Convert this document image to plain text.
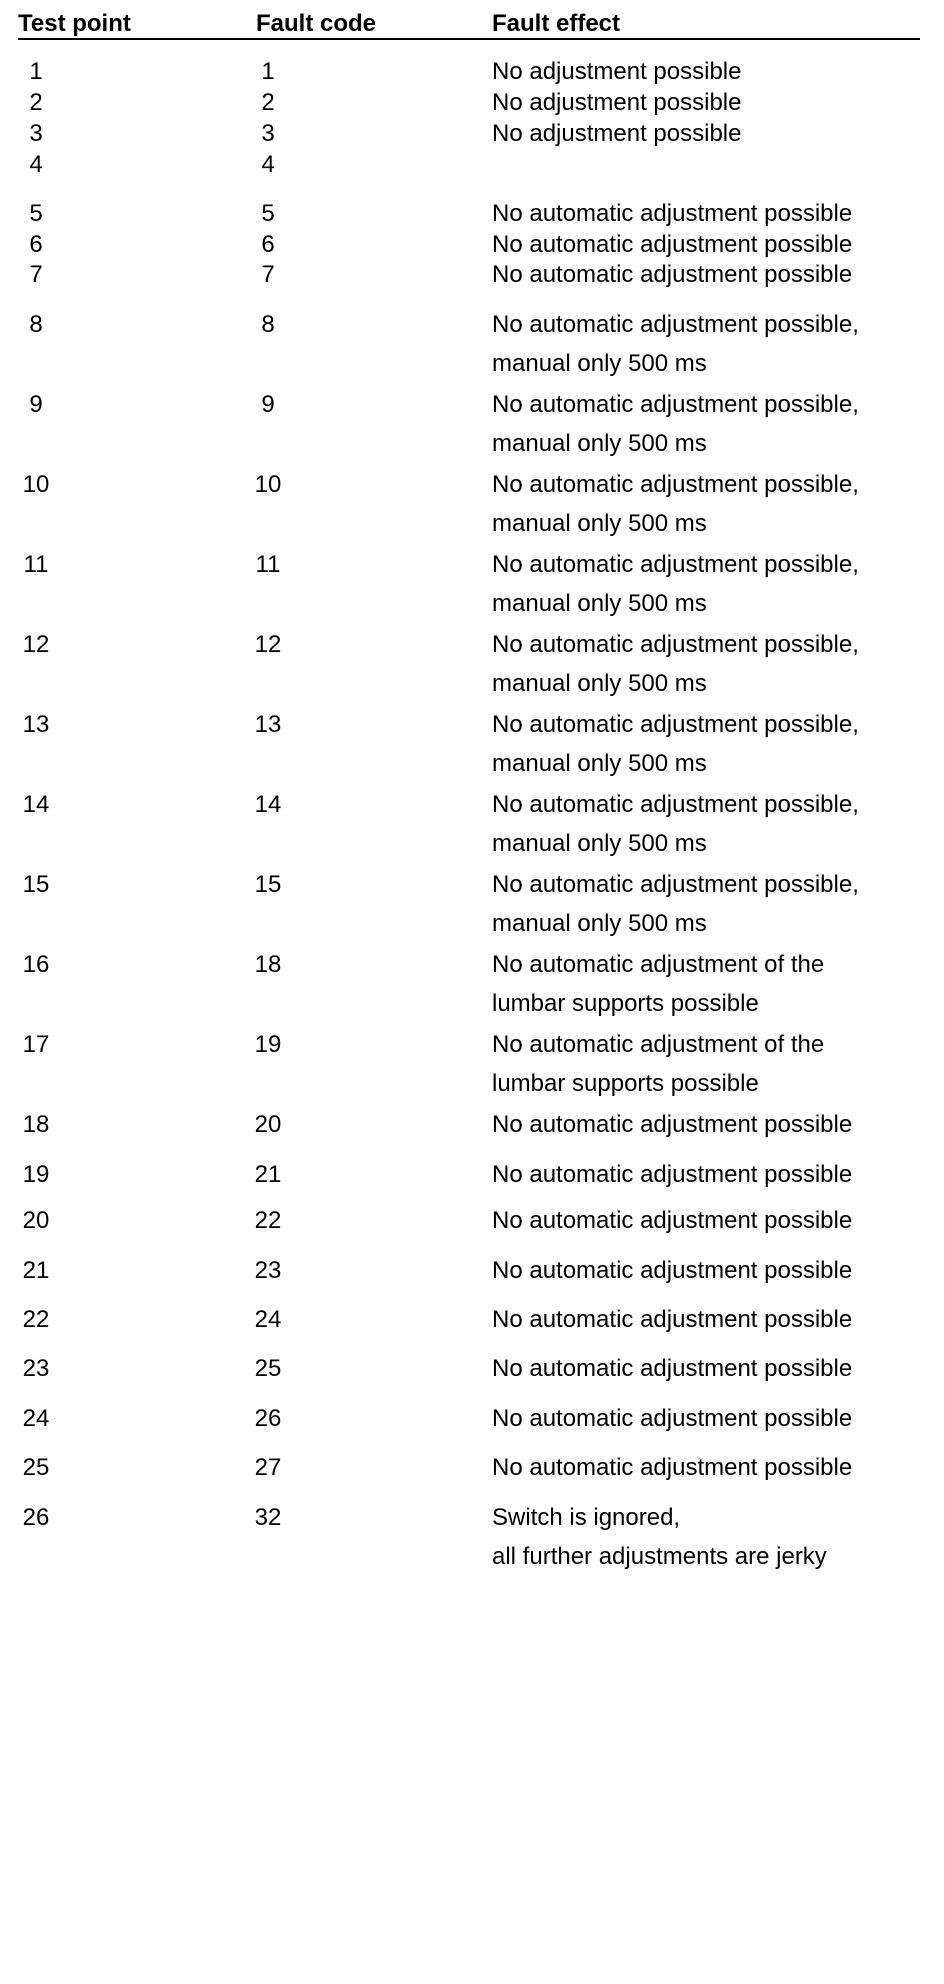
Test point	Fault code	Fault effect
1	1	No adjustment possible
2	2	No adjustment possible
3	3	No adjustment possible
4	4
5	5	No automatic adjustment possible
6	6	No automatic adjustment possible
7	7	No automatic adjustment possible
8	8	No automatic adjustment possible,
manual only 500 ms
9	9	No automatic adjustment possible,
manual only 500 ms
10	10	No automatic adjustment possible,
manual only 500 ms
11	11	No automatic adjustment possible,
manual only 500 ms
12	12	No automatic adjustment possible,
manual only 500 ms
13	13	No automatic adjustment possible,
manual only 500 ms
14	14	No automatic adjustment possible,
manual only 500 ms
15	15	No automatic adjustment possible,
manual only 500 ms
16	18	No automatic adjustment of the
lumbar supports possible
17	19	No automatic adjustment of the
lumbar supports possible
18	20	No automatic adjustment possible
19	21	No automatic adjustment possible
20	22	No automatic adjustment possible
21	23	No automatic adjustment possible
22	24	No automatic adjustment possible
23	25	No automatic adjustment possible
24	26	No automatic adjustment possible
25	27	No automatic adjustment possible
26	32	Switch is ignored,
all further adjustments are jerky
